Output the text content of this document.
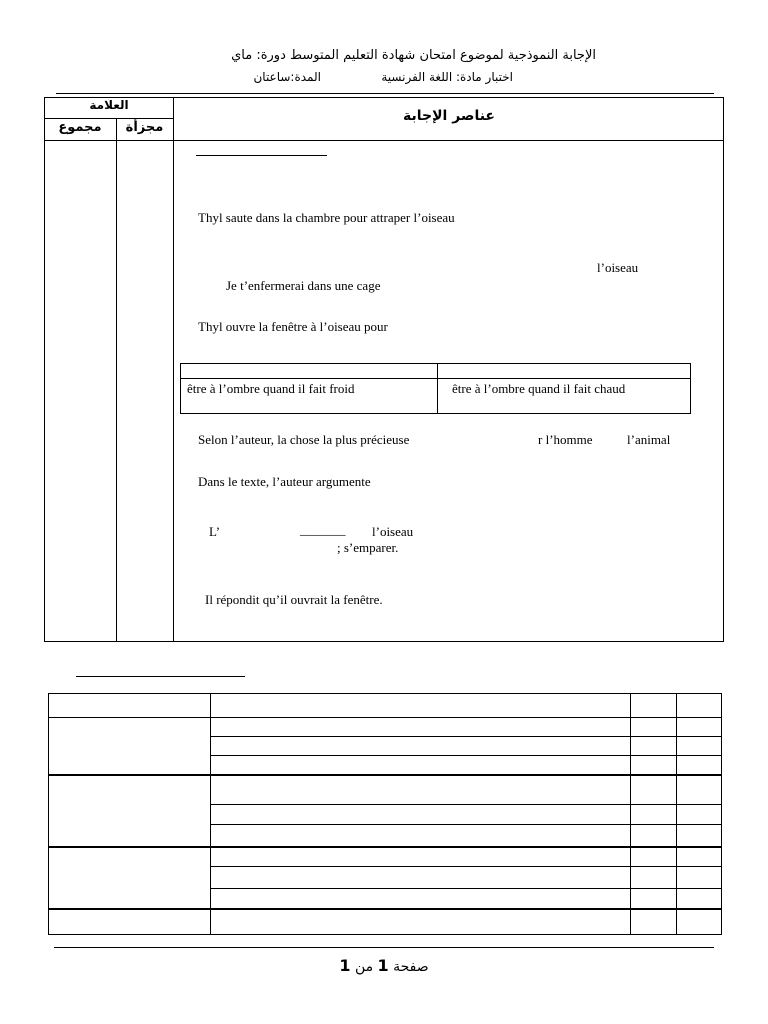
الإجابة النموذجية لموضوع امتحان شهادة التعليم المتوسط دورة: ماي
اختبار مادة: اللغة الفرنسية
المدة:ساعتان
العلامة
مجزأة
مجموع
عناصر الإجابة
Thyl saute dans la chambre pour attraper l’oiseau
l’oiseau
Je t’enfermerai dans une cage
Thyl ouvre la fenêtre à l’oiseau pour
être à l’ombre quand il fait froid	être à l’ombre quand il fait chaud
Selon l’auteur, la chose la plus précieuse	r l’homme	l’animal
Dans le texte, l’auteur argumente
L’	_______ l’oiseau
; s’emparer.
Il répondit qu’il ouvrait la fenêtre.
صفحة 1 من 1
